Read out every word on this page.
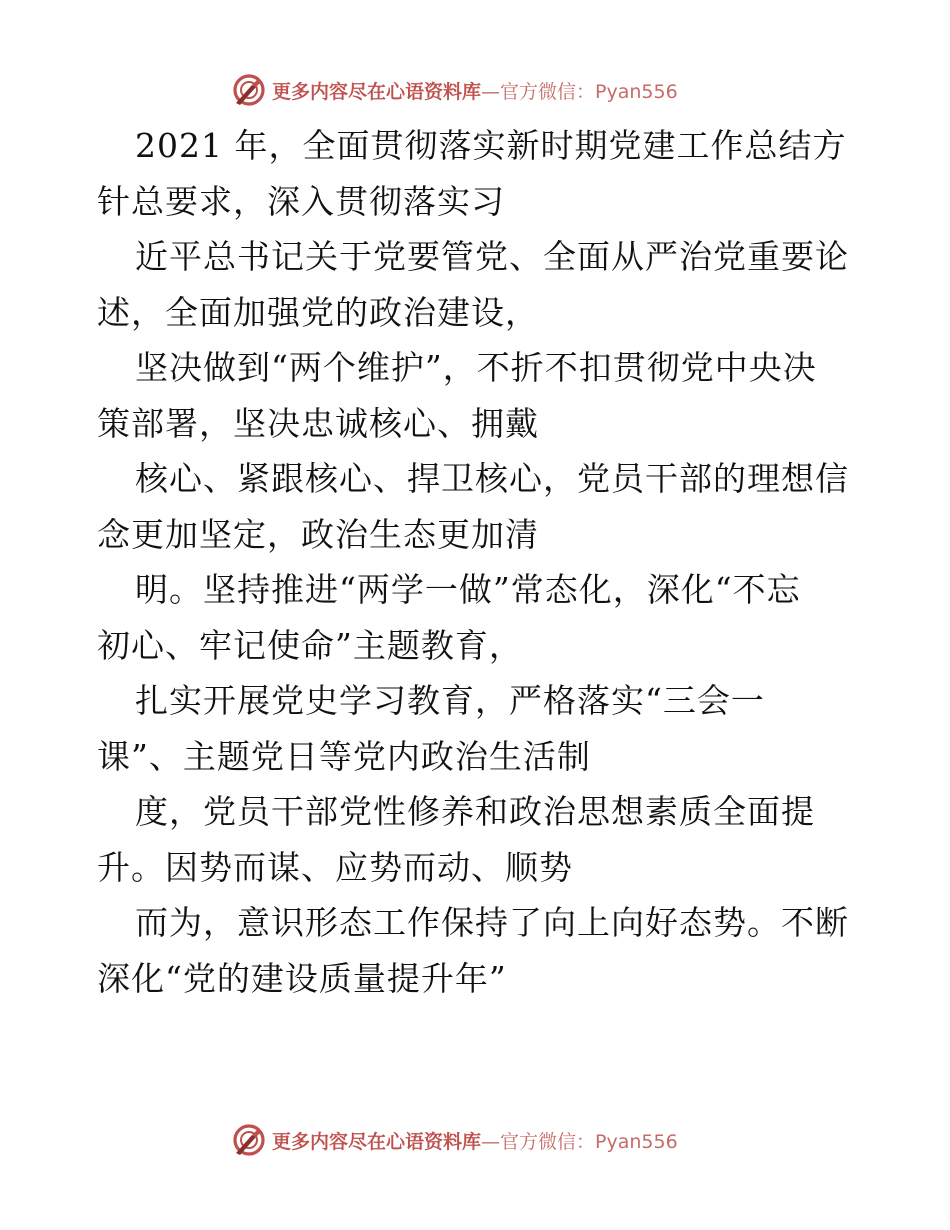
更多内容尽在心语资料库—官方微信：Pyan556
2021 年，全面贯彻落实新时期党建工作总结方
针总要求，深入贯彻落实习
近平总书记关于党要管党、全面从严治党重要论
述，全面加强党的政治建设，
坚决做到“两个维护”，不折不扣贯彻党中央决
策部署，坚决忠诚核心、拥戴
核心、紧跟核心、捍卫核心，党员干部的理想信
念更加坚定，政治生态更加清
明。坚持推进“两学一做”常态化，深化“不忘
初心、牢记使命”主题教育，
扎实开展党史学习教育，严格落实“三会一
课”、主题党日等党内政治生活制
度，党员干部党性修养和政治思想素质全面提
升。因势而谋、应势而动、顺势
而为，意识形态工作保持了向上向好态势。不断
深化“党的建设质量提升年”
更多内容尽在心语资料库—官方微信：Pyan556
